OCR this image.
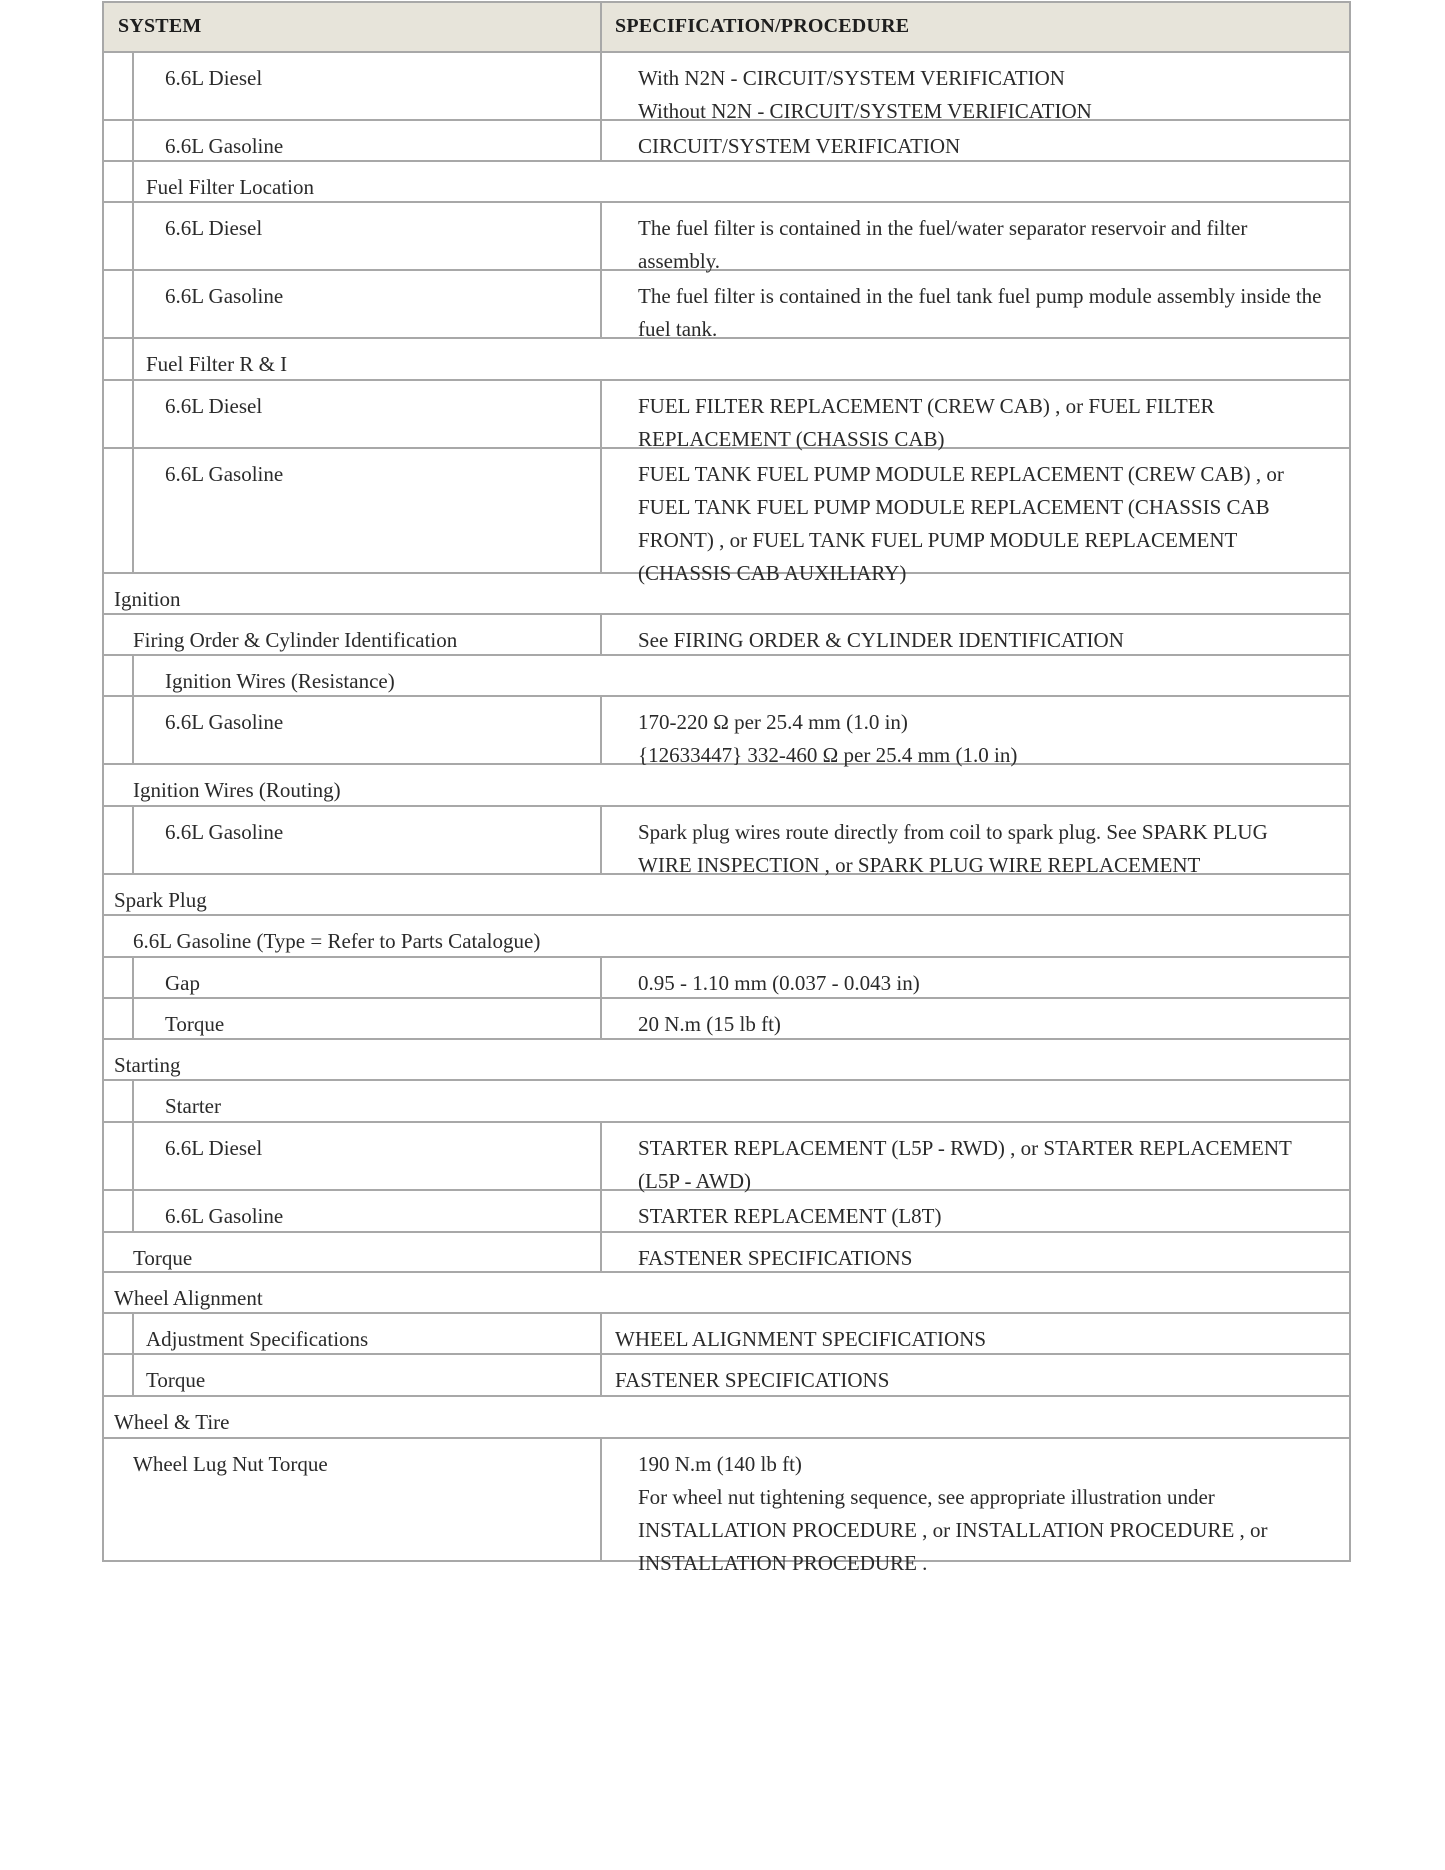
SYSTEM	SPECIFICATION/PROCEDURE
6.6L Diesel	With N2N - CIRCUIT/SYSTEM VERIFICATION
Without N2N - CIRCUIT/SYSTEM VERIFICATION
6.6L Gasoline	CIRCUIT/SYSTEM VERIFICATION
Fuel Filter Location
6.6L Diesel	The fuel filter is contained in the fuel/water separator reservoir and filter
assembly.
6.6L Gasoline	The fuel filter is contained in the fuel tank fuel pump module assembly inside the
fuel tank.
Fuel Filter R & I
6.6L Diesel	FUEL FILTER REPLACEMENT (CREW CAB) , or FUEL FILTER
REPLACEMENT (CHASSIS CAB)
6.6L Gasoline	FUEL TANK FUEL PUMP MODULE REPLACEMENT (CREW CAB) , or
FUEL TANK FUEL PUMP MODULE REPLACEMENT (CHASSIS CAB
FRONT) , or FUEL TANK FUEL PUMP MODULE REPLACEMENT
(CHASSIS CAB AUXILIARY)
Ignition
Firing Order & Cylinder Identification	See FIRING ORDER & CYLINDER IDENTIFICATION
Ignition Wires (Resistance)
6.6L Gasoline	170-220 Ω per 25.4 mm (1.0 in)
{12633447} 332-460 Ω per 25.4 mm (1.0 in)
Ignition Wires (Routing)
6.6L Gasoline	Spark plug wires route directly from coil to spark plug. See SPARK PLUG
WIRE INSPECTION , or SPARK PLUG WIRE REPLACEMENT
Spark Plug
6.6L Gasoline (Type = Refer to Parts Catalogue)
Gap	0.95 - 1.10 mm (0.037 - 0.043 in)
Torque	20 N.m (15 lb ft)
Starting
Starter
6.6L Diesel	STARTER REPLACEMENT (L5P - RWD) , or STARTER REPLACEMENT
(L5P - AWD)
6.6L Gasoline	STARTER REPLACEMENT (L8T)
Torque	FASTENER SPECIFICATIONS
Wheel Alignment
Adjustment Specifications	WHEEL ALIGNMENT SPECIFICATIONS
Torque	FASTENER SPECIFICATIONS
Wheel & Tire
Wheel Lug Nut Torque	190 N.m (140 lb ft)
For wheel nut tightening sequence, see appropriate illustration under
INSTALLATION PROCEDURE , or INSTALLATION PROCEDURE , or
INSTALLATION PROCEDURE .
